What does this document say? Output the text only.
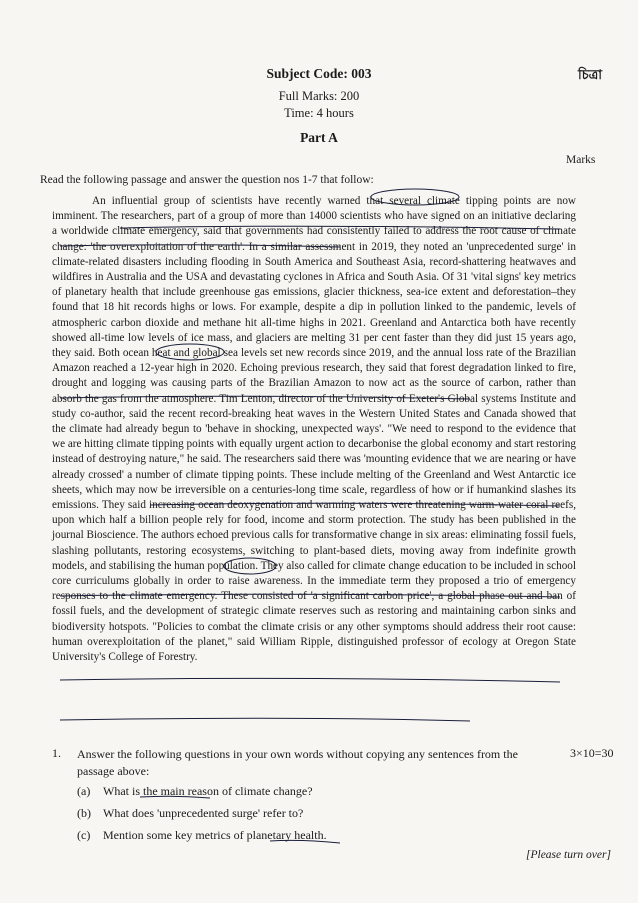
Subject Code: 003
Full Marks: 200
Time: 4 hours
Part A
চিত্রা
Marks
Read the following passage and answer the question nos 1-7 that follow:

An influential group of scientists have recently warned that several climate tipping points are now imminent. The researchers, part of a group of more than 14000 scientists who have signed on an initiative declaring a worldwide climate emergency, said that governments had consistently failed to address the root cause of climate change: 'the overexploitation of the earth'. In a similar assessment in 2019, they noted an 'unprecedented surge' in climate-related disasters including flooding in South America and Southeast Asia, record-shattering heatwaves and wildfires in Australia and the USA and devastating cyclones in Africa and South Asia. Of 31 'vital signs' key metrics of planetary health that include greenhouse gas emissions, glacier thickness, sea-ice extent and deforestation–they found that 18 hit records highs or lows. For example, despite a dip in pollution linked to the pandemic, levels of atmospheric carbon dioxide and methane hit all-time highs in 2021. Greenland and Antarctica both have recently showed all-time low levels of ice mass, and glaciers are melting 31 per cent faster than they did just 15 years ago, they said. Both ocean heat and global sea levels set new records since 2019, and the annual loss rate of the Brazilian Amazon reached a 12-year high in 2020. Echoing previous research, they said that forest degradation linked to fire, drought and logging was causing parts of the Brazilian Amazon to now act as the source of carbon, rather than absorb the gas from the atmosphere. Tim Lenton, director of the University of Exeter's Global systems Institute and study co-author, said the recent record-breaking heat waves in the Western United States and Canada showed that the climate had already begun to 'behave in shocking, unexpected ways'. "We need to respond to the evidence that we are hitting climate tipping points with equally urgent action to decarbonise the global economy and start restoring instead of destroying nature," he said. The researchers said there was 'mounting evidence that we are nearing or have already crossed' a number of climate tipping points. These include melting of the Greenland and West Antarctic ice sheets, which may now be irreversible on a centuries-long time scale, regardless of how or if humankind slashes its emissions. They said increasing ocean deoxygenation and warming waters were threatening warm-water coral reefs, upon which half a billion people rely for food, income and storm protection. The study has been published in the journal Bioscience. The authors echoed previous calls for transformative change in six areas: eliminating fossil fuels, slashing pollutants, restoring ecosystems, switching to plant-based diets, moving away from indefinite growth models, and stabilising the human population. They also called for climate change education to be included in school core curriculums globally in order to raise awareness. In the immediate term they proposed a trio of emergency responses to the climate emergency. These consisted of 'a significant carbon price', a global phase-out and ban of fossil fuels, and the development of strategic climate reserves such as restoring and maintaining carbon sinks and biodiversity hotspots. "Policies to combat the climate crisis or any other symptoms should address their root cause: human overexploitation of the planet," said William Ripple, distinguished professor of ecology at Oregon State University's College of Forestry.

1. Answer the following questions in your own words without copying any sentences from the passage above:
3×10=30
(a) What is the main reason of climate change?
(b) What does 'unprecedented surge' refer to?
(c) Mention some key metrics of planetary health.
[Please turn over]
